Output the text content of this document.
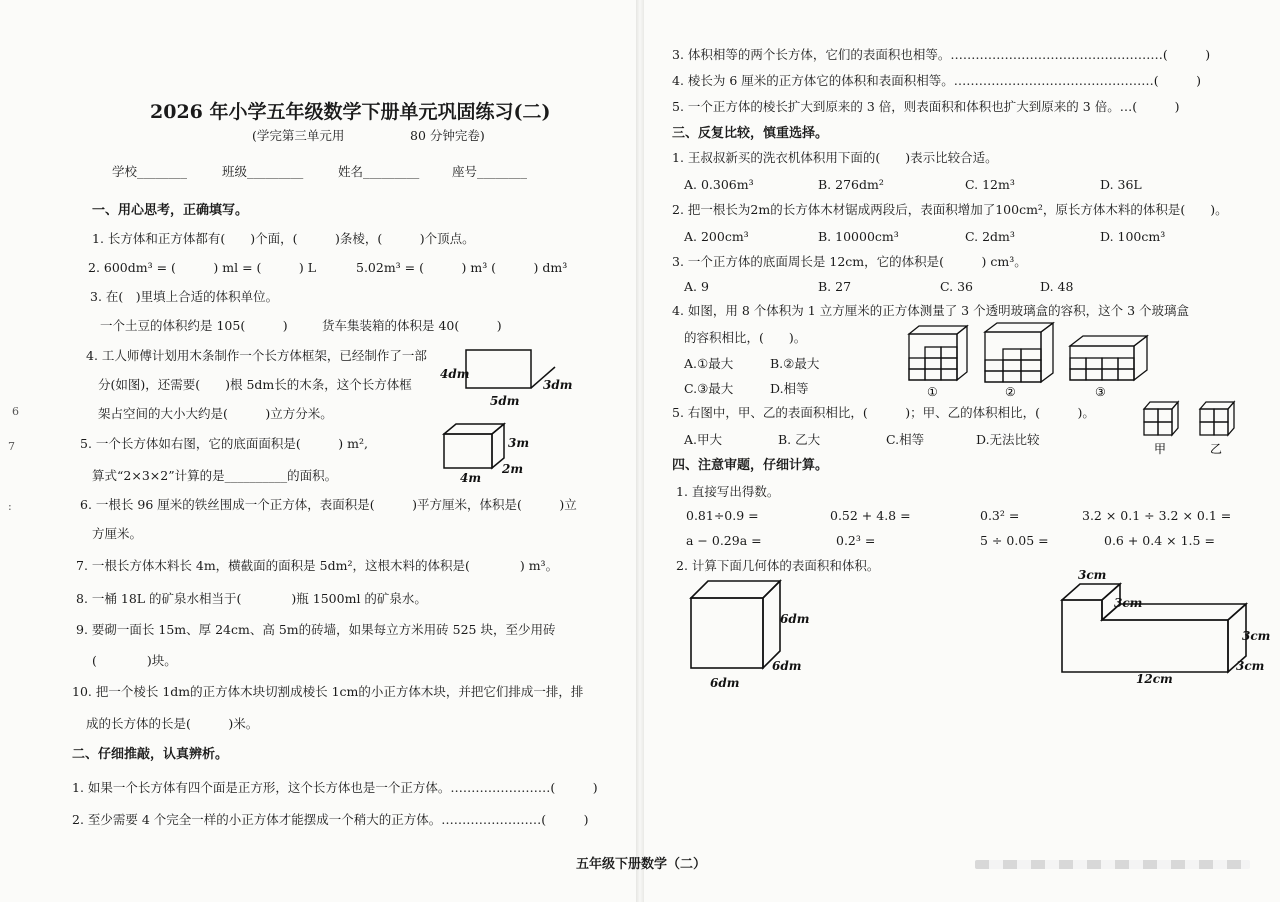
6
7
:
2026 年小学五年级数学下册单元巩固练习(二)
(学完第三单元用	80 分钟完卷)
学校________	班级_________	姓名_________	座号________
一、用心思考，正确填写。
1. 长方体和正方体都有(　　)个面，(　　　)条棱，(　　　)个顶点。
2. 600dm³ = (　　　) ml = (　　　) L	5.02m³ = (　　　) m³ (　　　) dm³
3. 在(　)里填上合适的体积单位。
一个土豆的体积约是 105(　　　)	货车集装箱的体积是 40(　　　)
4. 工人师傅计划用木条制作一个长方体框架，已经制作了一部
分(如图)，还需要(　　)根 5dm长的木条，这个长方体框
架占空间的大小大约是(　　　)立方分米。
4dm
5dm
3dm
5. 一个长方体如右图，它的底面面积是(　　　) m²,
算式“2×3×2”计算的是__________的面积。
3m
4m
2m
6. 一根长 96 厘米的铁丝围成一个正方体，表面积是(　　　)平方厘米，体积是(　　　)立
方厘米。
7. 一根长方体木料长 4m，横截面的面积是 5dm²，这根木料的体积是(　　　　) m³。
8. 一桶 18L 的矿泉水相当于(　　　　)瓶 1500ml 的矿泉水。
9. 要砌一面长 15m、厚 24cm、高 5m的砖墙，如果每立方米用砖 525 块，至少用砖
(　　　　)块。
10. 把一个棱长 1dm的正方体木块切割成棱长 1cm的小正方体木块，并把它们排成一排，排
成的长方体的长是(　　　)米。
二、仔细推敲，认真辨析。
1. 如果一个长方体有四个面是正方形，这个长方体也是一个正方体。……………………(　　　)
2. 至少需要 4 个完全一样的小正方体才能摆成一个稍大的正方体。……………………(　　　)
3. 体积相等的两个长方体，它们的表面积也相等。……………………………………………(　　　)
4. 棱长为 6 厘米的正方体它的体积和表面积相等。…………………………………………(　　　)
5. 一个正方体的棱长扩大到原来的 3 倍，则表面积和体积也扩大到原来的 3 倍。…(　　　)
三、反复比较，慎重选择。
1. 王叔叔新买的洗衣机体积用下面的(　　)表示比较合适。
A. 0.306m³	B. 276dm²	C. 12m³	D. 36L
2. 把一根长为2m的长方体木材锯成两段后，表面积增加了100cm²，原长方体木料的体积是(　　)。
A. 200cm³	B. 10000cm³	C. 2dm³	D. 100cm³
3. 一个正方体的底面周长是 12cm，它的体积是(　　　) cm³。
A. 9	B. 27	C. 36	D. 48
4. 如图，用 8 个体积为 1 立方厘米的正方体测量了 3 个透明玻璃盒的容积，这个 3 个玻璃盒
的容积相比，(　　)。
A.①最大	B.②最大
C.③最大	D.相等	①	②	③
5. 右图中，甲、乙的表面积相比，(　　　)；甲、乙的体积相比，(　　　)。
A.甲大	B. 乙大	C.相等	D.无法比较
甲	乙
四、注意审题，仔细计算。
1. 直接写出得数。
0.81÷0.9 =	0.52 + 4.8 =	0.3² =	3.2 × 0.1 ÷ 3.2 × 0.1 =
a − 0.29a =	0.2³ =	5 ÷ 0.05 =	0.6 + 0.4 × 1.5 =
2. 计算下面几何体的表面积和体积。
6dm
6dm
6dm
3cm
3cm
3cm
3cm
12cm
五年级下册数学（二）
